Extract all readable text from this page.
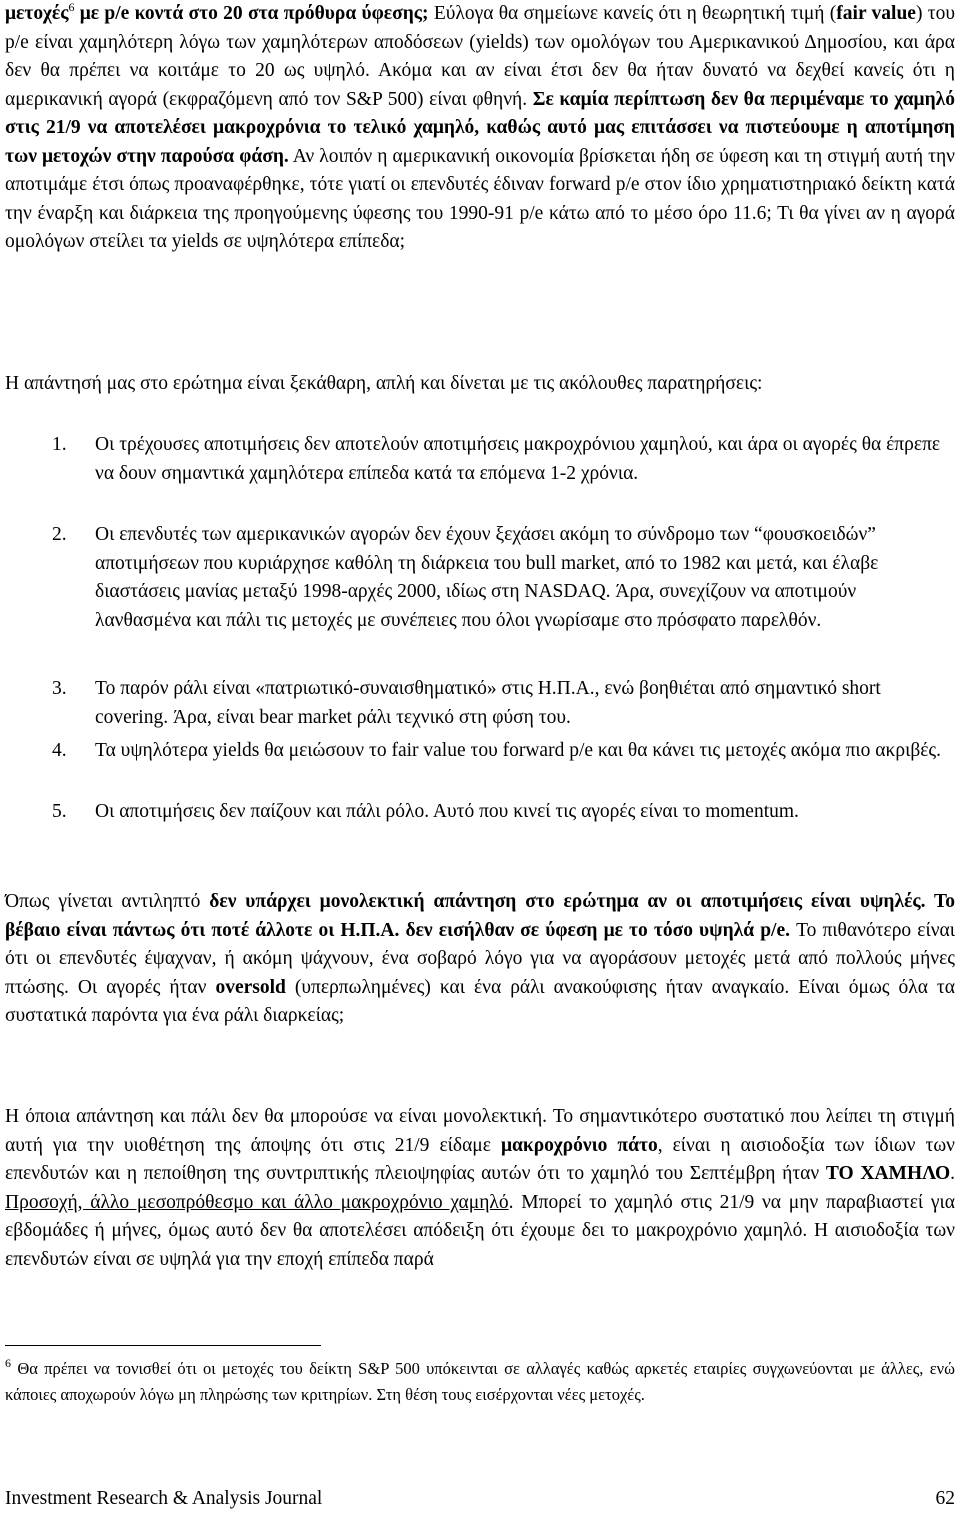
μετοχές$^6$ με p/e κοντά στο 20 στα πρόθυρα ύφεσης; Εύλογα θα σημείωνε κανείς ότι η θεωρητική τιμή (fair value) του p/e είναι χαμηλότερη λόγω των χαμηλότερων αποδόσεων (yields) των ομολόγων του Αμερικανικού Δημοσίου, και άρα δεν θα πρέπει να κοιτάμε το 20 ως υψηλό. Ακόμα και αν είναι έτσι δεν θα ήταν δυνατό να δεχθεί κανείς ότι η αμερικανική αγορά (εκφραζόμενη από τον S&P 500) είναι φθηνή. Σε καμία περίπτωση δεν θα περιμέναμε το χαμηλό στις 21/9 να αποτελέσει μακροχρόνια το τελικό χαμηλό, καθώς αυτό μας επιτάσσει να πιστεύουμε η αποτίμηση των μετοχών στην παρούσα φάση. Αν λοιπόν η αμερικανική οικονομία βρίσκεται ήδη σε ύφεση και τη στιγμή αυτή την αποτιμάμε έτσι όπως προαναφέρθηκε, τότε γιατί οι επενδυτές έδιναν forward p/e στον ίδιο χρηματιστηριακό δείκτη κατά την έναρξη και διάρκεια της προηγούμενης ύφεσης του 1990-91 p/e κάτω από το μέσο όρο 11.6; Τι θα γίνει αν η αγορά ομολόγων στείλει τα yields σε υψηλότερα επίπεδα;

Η απάντησή μας στο ερώτημα είναι ξεκάθαρη, απλή και δίνεται με τις ακόλουθες παρατηρήσεις:

1.	Οι τρέχουσες αποτιμήσεις δεν αποτελούν αποτιμήσεις μακροχρόνιου χαμηλού, και άρα οι αγορές θα έπρεπε να δουν σημαντικά χαμηλότερα επίπεδα κατά τα επόμενα 1-2 χρόνια.
2.	Οι επενδυτές των αμερικανικών αγορών δεν έχουν ξεχάσει ακόμη το σύνδρομο των “φουσκοειδών” αποτιμήσεων που κυριάρχησε καθόλη τη διάρκεια του bull market, από το 1982 και μετά, και έλαβε διαστάσεις μανίας μεταξύ 1998-αρχές 2000, ιδίως στη NASDAQ. Άρα, συνεχίζουν να αποτιμούν λανθασμένα και πάλι τις μετοχές με συνέπειες που όλοι γνωρίσαμε στο πρόσφατο παρελθόν.
3.	Το παρόν ράλι είναι «πατριωτικό-συναισθηματικό» στις Η.Π.Α., ενώ βοηθιέται από σημαντικό short covering. Άρα, είναι bear market ράλι τεχνικό στη φύση του.
4.	Τα υψηλότερα yields θα μειώσουν το fair value του forward p/e και θα κάνει τις μετοχές ακόμα πιο ακριβές.
5.	Οι αποτιμήσεις δεν παίζουν και πάλι ρόλο. Αυτό που κινεί τις αγορές είναι το momentum.

Όπως γίνεται αντιληπτό δεν υπάρχει μονολεκτική απάντηση στο ερώτημα αν οι αποτιμήσεις είναι υψηλές. Το βέβαιο είναι πάντως ότι ποτέ άλλοτε οι Η.Π.Α. δεν εισήλθαν σε ύφεση με το τόσο υψηλά p/e. Το πιθανότερο είναι ότι οι επενδυτές έψαχναν, ή ακόμη ψάχνουν, ένα σοβαρό λόγο για να αγοράσουν μετοχές μετά από πολλούς μήνες πτώσης. Οι αγορές ήταν oversold (υπερπωλημένες) και ένα ράλι ανακούφισης ήταν αναγκαίο. Είναι όμως όλα τα συστατικά παρόντα για ένα ράλι διαρκείας;

Η όποια απάντηση και πάλι δεν θα μπορούσε να είναι μονολεκτική. Το σημαντικότερο συστατικό που λείπει τη στιγμή αυτή για την υιοθέτηση της άποψης ότι στις 21/9 είδαμε μακροχρόνιο πάτο, είναι η αισιοδοξία των ίδιων των επενδυτών και η πεποίθηση της συντριπτικής πλειοψηφίας αυτών ότι το χαμηλό του Σεπτέμβρη ήταν ΤΟ ΧΑΜΗΛΟ. Προσοχή, άλλο μεσοπρόθεσμο και άλλο μακροχρόνιο χαμηλό. Μπορεί το χαμηλό στις 21/9 να μην παραβιαστεί για εβδομάδες ή μήνες, όμως αυτό δεν θα αποτελέσει απόδειξη ότι έχουμε δει το μακροχρόνιο χαμηλό. Η αισιοδοξία των επενδυτών είναι σε υψηλά για την εποχή επίπεδα παρά

$^6$ Θα πρέπει να τονισθεί ότι οι μετοχές του δείκτη S&P 500 υπόκεινται σε αλλαγές καθώς αρκετές εταιρίες συγχωνεύονται με άλλες, ενώ κάποιες αποχωρούν λόγω μη πληρώσης των κριτηρίων. Στη θέση τους εισέρχονται νέες μετοχές.
Investment Research & Analysis Journal	62
